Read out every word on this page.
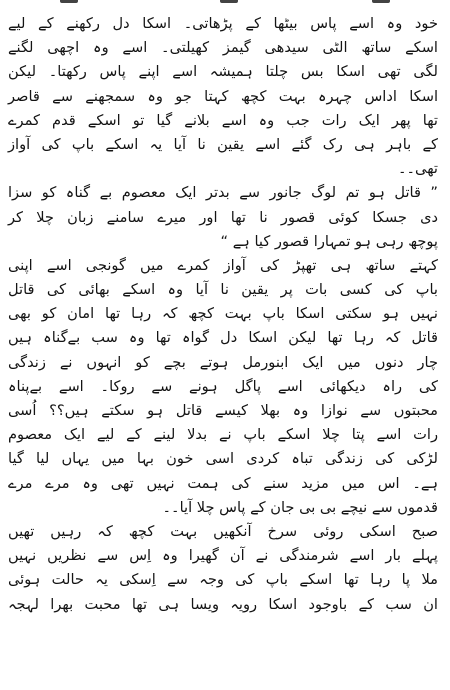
خود وہ اسے پاس بیٹھا کے پڑھاتی۔ اسکا دل رکھنے کے لیے
اسکے ساتھ الٹی سیدھی گیمز کھیلتی۔ اسے وہ اچھی لگنے
لگی تھی اسکا بس چلتا ہمیشہ اسے اپنے پاس رکھتا۔ لیکن
اسکا اداس چہرہ بہت کچھ کہتا جو وہ سمجھنے سے قاصر
تھا پھر ایک رات جب وہ اسے بلانے گیا تو اسکے قدم کمرے
کے باہر ہی رک گئے اسے یقین نا آیا یہ اسکے باپ کی آواز
تھی۔۔
” قاتل ہو تم لوگ جانور سے بدتر ایک معصوم بے گناہ کو سزا
دی جسکا کوئی قصور نا تھا اور میرے سامنے زبان چلا کر
پوچھ رہی ہو تمہارا قصور کیا ہے “
کہتے ساتھ ہی تھپڑ کی آواز کمرے میں گونجی اسے اپنی
باپ کی کسی بات پر یقین نا آیا وہ اسکے بھائی کی قاتل
نہیں ہو سکتی اسکا باپ بہت کچھ کہ رہا تھا امان کو بھی
قاتل کہ رہا تھا لیکن اسکا دل گواہ تھا وہ سب بےگناہ ہیں
چار دنوں میں ایک ابنورمل ہوتے بچے کو انہوں نے زندگی
کی راہ دیکھائی اسے پاگل ہونے سے روکا۔ اسے بےپناہ
محبتوں سے نوازا وہ بھلا کیسے قاتل ہو سکتے ہیں؟؟ اُسی
رات اسے پتا چلا اسکے باپ نے بدلا لینے کے لیے ایک معصوم
لڑکی کی زندگی تباہ کردی اسی خون بہا میں یہاں لیا گیا
ہے۔ اس میں مزید سنے کی ہمت نہیں تھی وہ مرے مرے
قدموں سے نیچے بی بی جان کے پاس چلا آیا۔۔
صبح اسکی روئی سرخ آنکھیں بہت کچھ کہ رہیں تھیں
پہلے بار اسے شرمندگی نے آن گھیرا وہ اِس سے نظریں نہیں
ملا پا رہا تھا اسکے باپ کی وجہ سے اِسکی یہ حالت ہوئی
ان سب کے باوجود اسکا رویہ ویسا ہی تھا محبت بھرا لہجہ
